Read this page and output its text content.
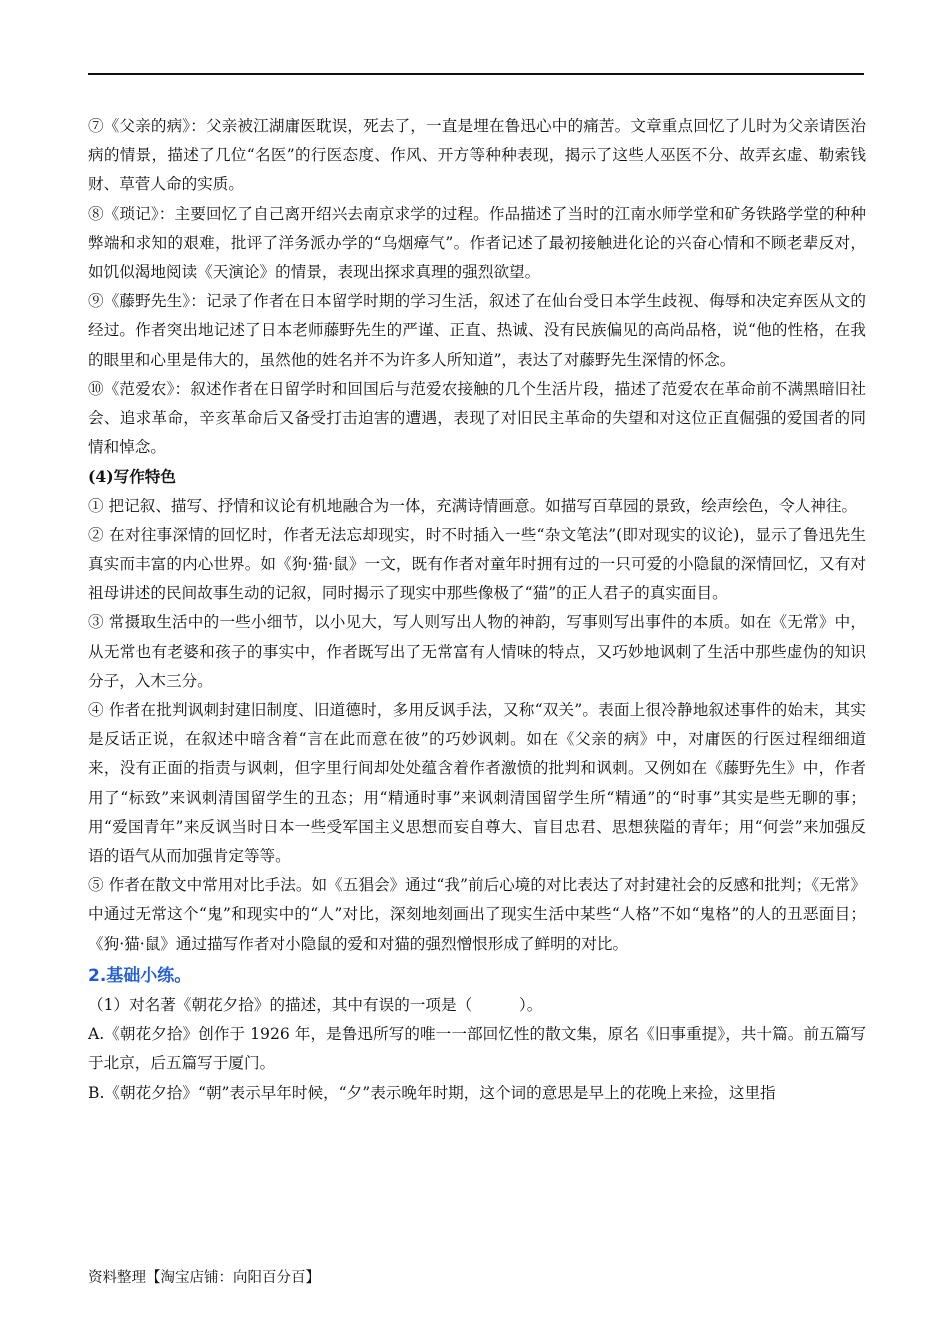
⑦《父亲的病》：父亲被江湖庸医耽误，死去了，一直是埋在鲁迅心中的痛苦。文章重点回忆了儿时为父亲请医治病的情景，描述了几位“名医”的行医态度、作风、开方等种种表现，揭示了这些人巫医不分、故弄玄虚、勒索钱财、草菅人命的实质。

⑧《琐记》：主要回忆了自己离开绍兴去南京求学的过程。作品描述了当时的江南水师学堂和矿务铁路学堂的种种弊端和求知的艰难，批评了洋务派办学的“乌烟瘴气”。作者记述了最初接触进化论的兴奋心情和不顾老辈反对，如饥似渴地阅读《天演论》的情景，表现出探求真理的强烈欲望。

⑨《藤野先生》：记录了作者在日本留学时期的学习生活，叙述了在仙台受日本学生歧视、侮辱和决定弃医从文的经过。作者突出地记述了日本老师藤野先生的严谨、正直、热诚、没有民族偏见的高尚品格，说“他的性格，在我的眼里和心里是伟大的，虽然他的姓名并不为许多人所知道”，表达了对藤野先生深情的怀念。

⑩《范爱农》：叙述作者在日留学时和回国后与范爱农接触的几个生活片段，描述了范爱农在革命前不满黑暗旧社会、追求革命，辛亥革命后又备受打击迫害的遭遇，表现了对旧民主革命的失望和对这位正直倔强的爱国者的同情和悼念。

(4)写作特色

① 把记叙、描写、抒情和议论有机地融合为一体，充满诗情画意。如描写百草园的景致，绘声绘色，令人神往。

② 在对往事深情的回忆时，作者无法忘却现实，时不时插入一些“杂文笔法”(即对现实的议论)，显示了鲁迅先生真实而丰富的内心世界。如《狗·猫·鼠》一文，既有作者对童年时拥有过的一只可爱的小隐鼠的深情回忆，又有对祖母讲述的民间故事生动的记叙，同时揭示了现实中那些像极了“猫”的正人君子的真实面目。

③ 常摄取生活中的一些小细节，以小见大，写人则写出人物的神韵，写事则写出事件的本质。如在《无常》中，从无常也有老婆和孩子的事实中，作者既写出了无常富有人情味的特点，又巧妙地讽刺了生活中那些虚伪的知识分子，入木三分。

④ 作者在批判讽刺封建旧制度、旧道德时，多用反讽手法，又称“双关”。表面上很冷静地叙述事件的始末，其实是反话正说，在叙述中暗含着“言在此而意在彼”的巧妙讽刺。如在《父亲的病》中，对庸医的行医过程细细道来，没有正面的指责与讽刺，但字里行间却处处蕴含着作者激愤的批判和讽刺。又例如在《藤野先生》中，作者用了“标致”来讽刺清国留学生的丑态；用“精通时事”来讽刺清国留学生所“精通”的“时事”其实是些无聊的事；用“爱国青年”来反讽当时日本一些受军国主义思想而妄自尊大、盲目忠君、思想狭隘的青年；用“何尝”来加强反语的语气从而加强肯定等等。

⑤ 作者在散文中常用对比手法。如《五猖会》通过“我”前后心境的对比表达了对封建社会的反感和批判；《无常》中通过无常这个“鬼”和现实中的“人”对比，深刻地刻画出了现实生活中某些“人格”不如“鬼格”的人的丑恶面目；《狗·猫·鼠》通过描写作者对小隐鼠的爱和对猫的强烈憎恨形成了鲜明的对比。

2.基础小练。

（1）对名著《朝花夕拾》的描述，其中有误的一项是（　　　）。

A.《朝花夕拾》创作于 1926 年，是鲁迅所写的唯一一部回忆性的散文集，原名《旧事重提》，共十篇。前五篇写于北京，后五篇写于厦门。

B.《朝花夕拾》“朝”表示早年时候，“夕”表示晚年时期，这个词的意思是早上的花晚上来捡，这里指

资料整理【淘宝店铺：向阳百分百】
